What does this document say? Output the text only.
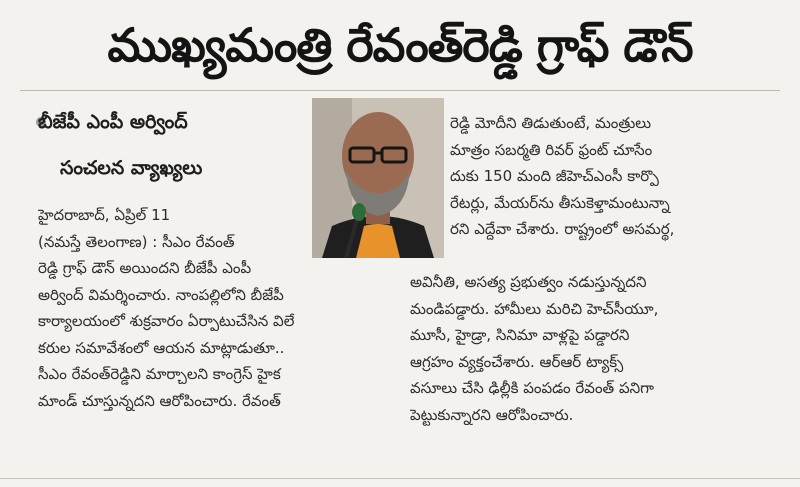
ముఖ్యమంత్రి రేవంత్‌రెడ్డి గ్రాఫ్ డౌన్
బీజేపీ ఎంపీ అర్వింద్
సంచలన వ్యాఖ్యలు
హైదరాబాద్, ఏప్రిల్ 11
(నమస్తే తెలంగాణ) : సీఎం రేవంత్
రెడ్డి గ్రాఫ్ డౌన్ అయిందని బీజేపీ ఎంపీ
అర్వింద్ విమర్శించారు. నాంపల్లిలోని బీజేపీ
కార్యాలయంలో శుక్రవారం ఏర్పాటుచేసిన విలే
కరుల సమావేశంలో ఆయన మాట్లాడుతూ..
సీఎం రేవంత్‌రెడ్డిని మార్చాలని కాంగ్రెస్ హైక
మాండ్ చూస్తున్నదని ఆరోపించారు. రేవంత్
రెడ్డి మోదీని తిడుతుంటే, మంత్రులు
మాత్రం సబర్మతి రివర్ ఫ్రంట్ చూసేం
దుకు 150 మంది జీహెచ్‌ఎంసీ కార్పొ
రేటర్లు, మేయర్‌ను తీసుకెళ్తామంటున్నా
రని ఎద్దేవా చేశారు. రాష్ట్రంలో అసమర్థ,
అవినీతి, అసత్య ప్రభుత్వం నడుస్తున్నదని
మండిపడ్డారు. హామీలు మరిచి హెచ్‌సీయూ,
మూసీ, హైడ్రా, సినిమా వాళ్లపై పడ్డారని
ఆగ్రహం వ్యక్తంచేశారు. ఆర్‌ఆర్ ట్యాక్స్
వసూలు చేసి ఢిల్లీకి పంపడం రేవంత్ పనిగా
పెట్టుకున్నారని ఆరోపించారు.
